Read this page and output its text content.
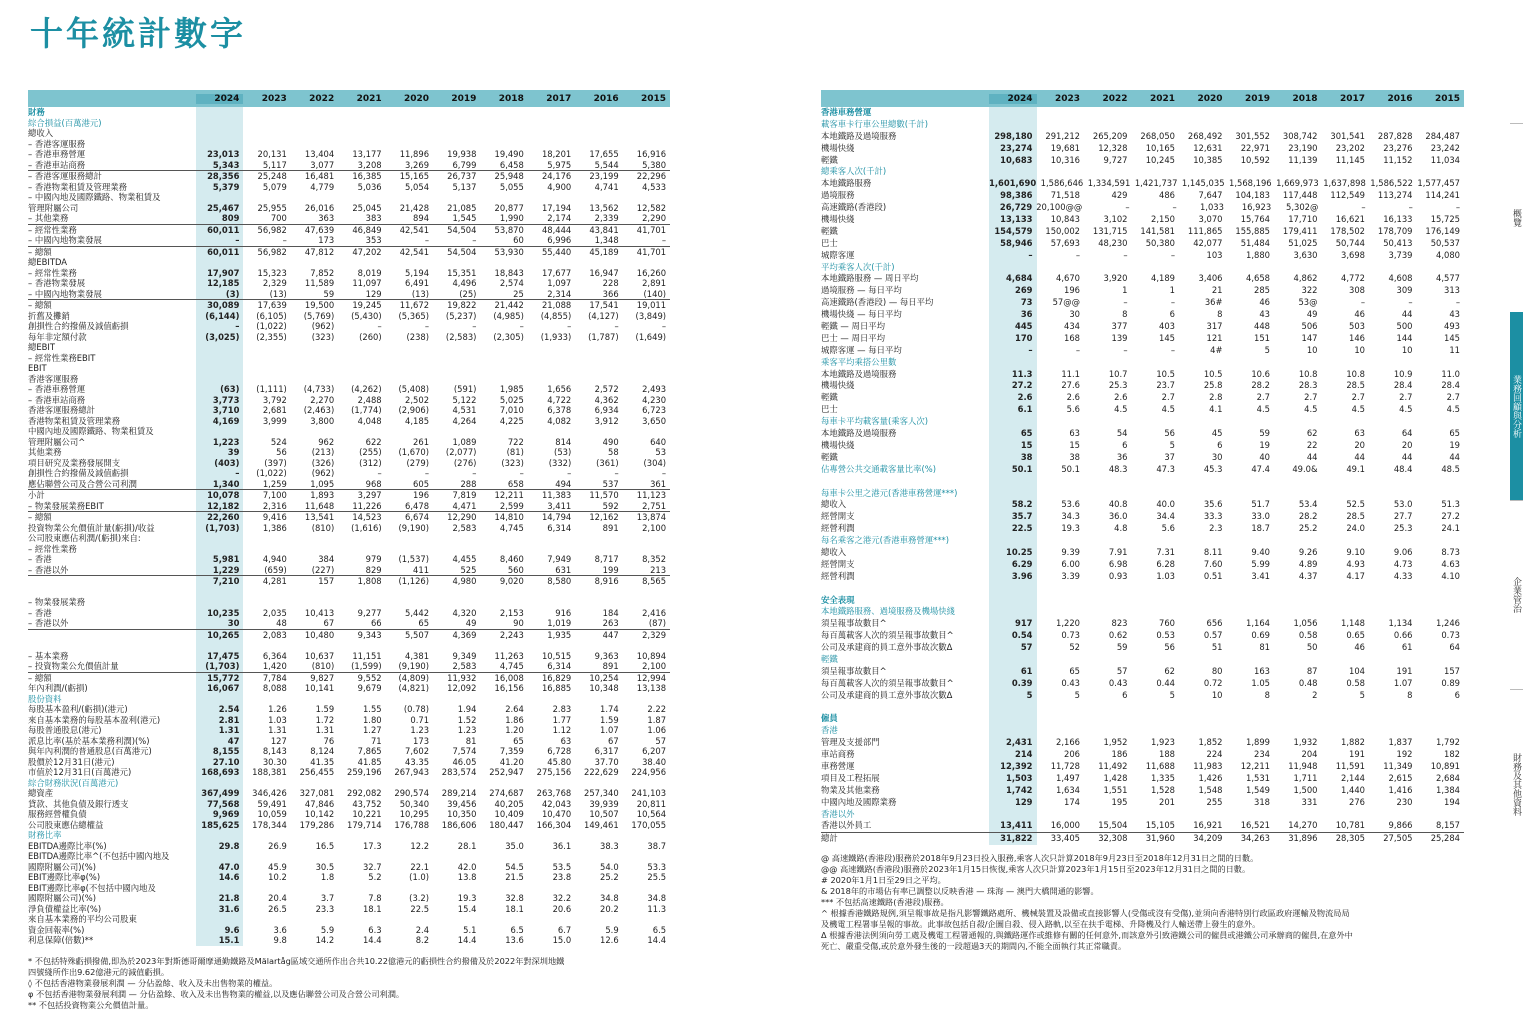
十年統計數字
2024	2023	2022	2021	2020	2019	2018	2017	2016	2015
財務
綜合損益(百萬港元)
總收入
– 香港客運服務
– 香港車務營運	23,013	20,131	13,404	13,177	11,896	19,938	19,490	18,201	17,655	16,916
– 香港車站商務	5,343	5,117	3,077	3,208	3,269	6,799	6,458	5,975	5,544	5,380
– 香港客運服務總計	28,356	25,248	16,481	16,385	15,165	26,737	25,948	24,176	23,199	22,296
– 香港物業租賃及管理業務	5,379	5,079	4,779	5,036	5,054	5,137	5,055	4,900	4,741	4,533
– 中國內地及國際鐵路、物業租賃及
管理附屬公司	25,467	25,955	26,016	25,045	21,428	21,085	20,877	17,194	13,562	12,582
– 其他業務	809	700	363	383	894	1,545	1,990	2,174	2,339	2,290
– 經常性業務	60,011	56,982	47,639	46,849	42,541	54,504	53,870	48,444	43,841	41,701
– 中國內地物業發展	–	–	173	353	–	–	60	6,996	1,348	–
– 總額	60,011	56,982	47,812	47,202	42,541	54,504	53,930	55,440	45,189	41,701
總EBITDA
– 經常性業務	17,907	15,323	7,852	8,019	5,194	15,351	18,843	17,677	16,947	16,260
– 香港物業發展	12,185	2,329	11,589	11,097	6,491	4,496	2,574	1,097	228	2,891
– 中國內地物業發展	(3)	(13)	59	129	(13)	(25)	25	2,314	366	(140)
– 總額	30,089	17,639	19,500	19,245	11,672	19,822	21,442	21,088	17,541	19,011
折舊及攤銷	(6,144)	(6,105)	(5,769)	(5,430)	(5,365)	(5,237)	(4,985)	(4,855)	(4,127)	(3,849)
創損性合約撥備及減值虧損	–	(1,022)	(962)	–	–	–	–	–	–	–
每年非定額付款	(3,025)	(2,355)	(323)	(260)	(238)	(2,583)	(2,305)	(1,933)	(1,787)	(1,649)
總EBIT
– 經常性業務EBIT
EBIT
香港客運服務
– 香港車務營運	(63)	(1,111)	(4,733)	(4,262)	(5,408)	(591)	1,985	1,656	2,572	2,493
– 香港車站商務	3,773	3,792	2,270	2,488	2,502	5,122	5,025	4,722	4,362	4,230
香港客運服務總計	3,710	2,681	(2,463)	(1,774)	(2,906)	4,531	7,010	6,378	6,934	6,723
香港物業租賃及管理業務	4,169	3,999	3,800	4,048	4,185	4,264	4,225	4,082	3,912	3,650
中國內地及國際鐵路、物業租賃及
管理附屬公司^	1,223	524	962	622	261	1,089	722	814	490	640
其他業務	39	56	(213)	(255)	(1,670)	(2,077)	(81)	(53)	58	53
項目研究及業務發展開支	(403)	(397)	(326)	(312)	(279)	(276)	(323)	(332)	(361)	(304)
創損性合約撥備及減值虧損	–	(1,022)	(962)	–	–	–	–	–	–	–
應佔聯營公司及合營公司利潤	1,340	1,259	1,095	968	605	288	658	494	537	361
小計	10,078	7,100	1,893	3,297	196	7,819	12,211	11,383	11,570	11,123
– 物業發展業務EBIT	12,182	2,316	11,648	11,226	6,478	4,471	2,599	3,411	592	2,751
– 總額	22,260	9,416	13,541	14,523	6,674	12,290	14,810	14,794	12,162	13,874
投資物業公允價值計量(虧損)/收益	(1,703)	1,386	(810)	(1,616)	(9,190)	2,583	4,745	6,314	891	2,100
公司股東應佔利潤/(虧損)來自:
– 經常性業務
– 香港	5,981	4,940	384	979	(1,537)	4,455	8,460	7,949	8,717	8,352
– 香港以外	1,229	(659)	(227)	829	411	525	560	631	199	213
7,210	4,281	157	1,808	(1,126)	4,980	9,020	8,580	8,916	8,565
– 物業發展業務
– 香港	10,235	2,035	10,413	9,277	5,442	4,320	2,153	916	184	2,416
– 香港以外	30	48	67	66	65	49	90	1,019	263	(87)
10,265	2,083	10,480	9,343	5,507	4,369	2,243	1,935	447	2,329
– 基本業務	17,475	6,364	10,637	11,151	4,381	9,349	11,263	10,515	9,363	10,894
– 投資物業公允價值計量	(1,703)	1,420	(810)	(1,599)	(9,190)	2,583	4,745	6,314	891	2,100
– 總額	15,772	7,784	9,827	9,552	(4,809)	11,932	16,008	16,829	10,254	12,994
年內利潤/(虧損)	16,067	8,088	10,141	9,679	(4,821)	12,092	16,156	16,885	10,348	13,138
股份資料
每股基本盈利/(虧損)(港元)	2.54	1.26	1.59	1.55	(0.78)	1.94	2.64	2.83	1.74	2.22
來自基本業務的每股基本盈利(港元)	2.81	1.03	1.72	1.80	0.71	1.52	1.86	1.77	1.59	1.87
每股普通股息(港元)	1.31	1.31	1.31	1.27	1.23	1.23	1.20	1.12	1.07	1.06
派息比率(基於基本業務利潤)(%)	47	127	76	71	173	81	65	63	67	57
與年內利潤的普通股息(百萬港元)	8,155	8,143	8,124	7,865	7,602	7,574	7,359	6,728	6,317	6,207
股價於12月31日(港元)	27.10	30.30	41.35	41.85	43.35	46.05	41.20	45.80	37.70	38.40
市值於12月31日(百萬港元)	168,693	188,381	256,455	259,196	267,943	283,574	252,947	275,156	222,629	224,956
綜合財務狀況(百萬港元)
總資產	367,499	346,426	327,081	292,082	290,574	289,214	274,687	263,768	257,340	241,103
貸款、其他負債及銀行透支	77,568	59,491	47,846	43,752	50,340	39,456	40,205	42,043	39,939	20,811
服務經營權負債	9,969	10,059	10,142	10,221	10,295	10,350	10,409	10,470	10,507	10,564
公司股東應佔總權益	185,625	178,344	179,286	179,714	176,788	186,606	180,447	166,304	149,461	170,055
財務比率
EBITDA邊際比率(%)	29.8	26.9	16.5	17.3	12.2	28.1	35.0	36.1	38.3	38.7
EBITDA邊際比率^(不包括中國內地及
國際附屬公司)(%)	47.0	45.9	30.5	32.7	22.1	42.0	54.5	53.5	54.0	53.3
EBIT邊際比率φ(%)	14.6	10.2	1.8	5.2	(1.0)	13.8	21.5	23.8	25.2	25.5
EBIT邊際比率φ(不包括中國內地及
國際附屬公司)(%)	21.8	20.4	3.7	7.8	(3.2)	19.3	32.8	32.2	34.8	34.8
淨負債權益比率(%)	31.6	26.5	23.3	18.1	22.5	15.4	18.1	20.6	20.2	11.3
來自基本業務的平均公司股東
資金回報率(%)	9.6	3.6	5.9	6.3	2.4	5.1	6.5	6.7	5.9	6.5
利息保障(倍數)**	15.1	9.8	14.2	14.4	8.2	14.4	13.6	15.0	12.6	14.4
2024	2023	2022	2021	2020	2019	2018	2017	2016	2015
香港車務營運
載客車卡行車公里總數(千計)
本地鐵路及過境服務	298,180	291,212	265,209	268,050	268,492	301,552	308,742	301,541	287,828	284,487
機場快綫	23,274	19,681	12,328	10,165	12,631	22,971	23,190	23,202	23,276	23,242
輕鐵	10,683	10,316	9,727	10,245	10,385	10,592	11,139	11,145	11,152	11,034
總乘客人次(千計)
本地鐵路服務	1,601,690 1,586,646 1,334,591 1,421,737 1,145,035 1,568,196 1,669,973 1,637,898 1,586,522 1,577,457
過境服務	98,386	71,518	429	486	7,647	104,183	117,448	112,549	113,274	114,241
高速鐵路(香港段)	26,729 20,100@@	–	–	1,033	16,923	5,302@	–	–	–
機場快綫	13,133	10,843	3,102	2,150	3,070	15,764	17,710	16,621	16,133	15,725
輕鐵	154,579	150,002	131,715	141,581	111,865	155,885	179,411	178,502	178,709	176,149
巴士	58,946	57,693	48,230	50,380	42,077	51,484	51,025	50,744	50,413	50,537
城際客運	–	–	–	–	103	1,880	3,630	3,698	3,739	4,080
平均乘客人次(千計)
本地鐵路服務 — 周日平均	4,684	4,670	3,920	4,189	3,406	4,658	4,862	4,772	4,608	4,577
過境服務 — 每日平均	269	196	1	1	21	285	322	308	309	313
高速鐵路(香港段) — 每日平均	73	57@@	–	–	36#	46	53@	–	–	–
機場快綫 — 每日平均	36	30	8	6	8	43	49	46	44	43
輕鐵 — 周日平均	445	434	377	403	317	448	506	503	500	493
巴士 — 周日平均	170	168	139	145	121	151	147	146	144	145
城際客運 — 每日平均	–	–	–	–	4#	5	10	10	10	11
乘客平均乘搭公里數
本地鐵路及過境服務	11.3	11.1	10.7	10.5	10.5	10.6	10.8	10.8	10.9	11.0
機場快綫	27.2	27.6	25.3	23.7	25.8	28.2	28.3	28.5	28.4	28.4
輕鐵	2.6	2.6	2.6	2.7	2.8	2.7	2.7	2.7	2.7	2.7
巴士	6.1	5.6	4.5	4.5	4.1	4.5	4.5	4.5	4.5	4.5
每車卡平均載客量(乘客人次)
本地鐵路及過境服務	65	63	54	56	45	59	62	63	64	65
機場快綫	15	15	6	5	6	19	22	20	20	19
輕鐵	38	38	36	37	30	40	44	44	44	44
佔專營公共交通載客量比率(%)	50.1	50.1	48.3	47.3	45.3	47.4	49.0&	49.1	48.4	48.5
每車卡公里之港元(香港車務營運***)
總收入	58.2	53.6	40.8	40.0	35.6	51.7	53.4	52.5	53.0	51.3
經營開支	35.7	34.3	36.0	34.4	33.3	33.0	28.2	28.5	27.7	27.2
經營利潤	22.5	19.3	4.8	5.6	2.3	18.7	25.2	24.0	25.3	24.1
每名乘客之港元(香港車務營運***)
總收入	10.25	9.39	7.91	7.31	8.11	9.40	9.26	9.10	9.06	8.73
經營開支	6.29	6.00	6.98	6.28	7.60	5.99	4.89	4.93	4.73	4.63
經營利潤	3.96	3.39	0.93	1.03	0.51	3.41	4.37	4.17	4.33	4.10
安全表現
本地鐵路服務、過境服務及機場快綫
須呈報事故數目^	917	1,220	823	760	656	1,164	1,056	1,148	1,134	1,246
每百萬載客人次的須呈報事故數目^	0.54	0.73	0.62	0.53	0.57	0.69	0.58	0.65	0.66	0.73
公司及承建商的員工意外事故次數Δ	57	52	59	56	51	81	50	46	61	64
輕鐵
須呈報事故數目^	61	65	57	62	80	163	87	104	191	157
每百萬載客人次的須呈報事故數目^	0.39	0.43	0.43	0.44	0.72	1.05	0.48	0.58	1.07	0.89
公司及承建商的員工意外事故次數Δ	5	5	6	5	10	8	2	5	8	6
僱員
香港
管理及支援部門	2,431	2,166	1,952	1,923	1,852	1,899	1,932	1,882	1,837	1,792
車站商務	214	206	186	188	224	234	204	191	192	182
車務營運	12,392	11,728	11,492	11,688	11,983	12,211	11,948	11,591	11,349	10,891
項目及工程拓展	1,503	1,497	1,428	1,335	1,426	1,531	1,711	2,144	2,615	2,684
物業及其他業務	1,742	1,634	1,551	1,528	1,548	1,549	1,500	1,440	1,416	1,384
中國內地及國際業務	129	174	195	201	255	318	331	276	230	194
香港以外
香港以外員工	13,411	16,000	15,504	15,105	16,921	16,521	14,270	10,781	9,866	8,157
總計	31,822	33,405	32,308	31,960	34,209	34,263	31,896	28,305	27,505	25,284
* 不包括特殊虧損撥備,即為於2023年對斯德哥爾摩通勤鐵路及Mälartåg區域交通所作出合共10.22億港元的虧損性合約撥備及於2022年對深圳地鐵
四號綫所作出9.62億港元的減值虧損。
◊ 不包括香港物業發展利潤 — 分佔盈餘、收入及未出售物業的權益。
φ 不包括香港物業發展利潤 — 分佔盈餘、收入及未出售物業的權益,以及應佔聯營公司及合營公司利潤。
** 不包括投資物業公允價值計量。
@ 高速鐵路(香港段)服務於2018年9月23日投入服務,乘客人次只計算2018年9月23日至2018年12月31日之間的日數。
@@ 高速鐵路(香港段)服務於2023年1月15日恢復,乘客人次只計算2023年1月15日至2023年12月31日之間的日數。
# 2020年1月1日至29日之平均。
& 2018年的市場佔有率已調整以反映香港 — 珠海 — 澳門大橋開通的影響。
*** 不包括高速鐵路(香港段)服務。
^ 根據香港鐵路規例,須呈報事故是指凡影響鐵路處所、機械裝置及設備或直接影響人(受傷或沒有受傷),並須向香港特別行政區政府運輸及物流局局
及機電工程署事呈報的事故。此事故包括自殺/企圖自殺、侵入路軌,以至在扶手電梯、升降機及行人輸送帶上發生的意外。
Δ 根據香港法例須向勞工處及機電工程署通報的,與鐵路運作或維修有關的任何意外,而該意外引致港鐵公司的僱員或港鐵公司承辦商的僱員,在意外中
死亡、嚴重受傷,或於意外發生後的一段超過3天的期間內,不能全面執行其正常職責。
概覽
業務回顧與分析
企業管治
財務及其他資料
